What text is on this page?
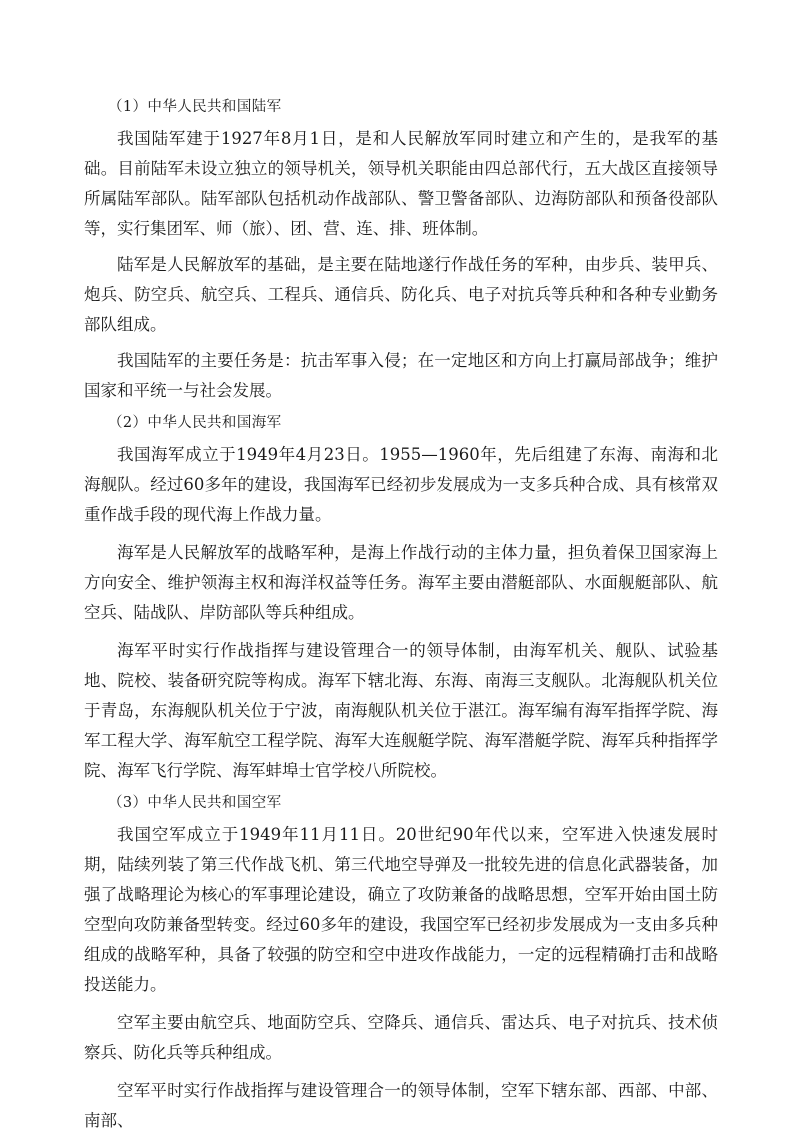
（1）中华人民共和国陆军

我国陆军建于1927年8月1日，是和人民解放军同时建立和产生的，是我军的基础。目前陆军未设立独立的领导机关，领导机关职能由四总部代行，五大战区直接领导所属陆军部队。陆军部队包括机动作战部队、警卫警备部队、边海防部队和预备役部队等，实行集团军、师（旅）、团、营、连、排、班体制。

陆军是人民解放军的基础，是主要在陆地遂行作战任务的军种，由步兵、装甲兵、炮兵、防空兵、航空兵、工程兵、通信兵、防化兵、电子对抗兵等兵种和各种专业勤务部队组成。

我国陆军的主要任务是：抗击军事入侵；在一定地区和方向上打赢局部战争；维护国家和平统一与社会发展。

（2）中华人民共和国海军

我国海军成立于1949年4月23日。1955—1960年，先后组建了东海、南海和北海舰队。经过60多年的建设，我国海军已经初步发展成为一支多兵种合成、具有核常双重作战手段的现代海上作战力量。

海军是人民解放军的战略军种，是海上作战行动的主体力量，担负着保卫国家海上方向安全、维护领海主权和海洋权益等任务。海军主要由潜艇部队、水面舰艇部队、航空兵、陆战队、岸防部队等兵种组成。

海军平时实行作战指挥与建设管理合一的领导体制，由海军机关、舰队、试验基地、院校、装备研究院等构成。海军下辖北海、东海、南海三支舰队。北海舰队机关位于青岛，东海舰队机关位于宁波，南海舰队机关位于湛江。海军编有海军指挥学院、海军工程大学、海军航空工程学院、海军大连舰艇学院、海军潜艇学院、海军兵种指挥学院、海军飞行学院、海军蚌埠士官学校八所院校。

（3）中华人民共和国空军

我国空军成立于1949年11月11日。20世纪90年代以来，空军进入快速发展时期，陆续列装了第三代作战飞机、第三代地空导弹及一批较先进的信息化武器装备，加强了战略理论为核心的军事理论建设，确立了攻防兼备的战略思想，空军开始由国土防空型向攻防兼备型转变。经过60多年的建设，我国空军已经初步发展成为一支由多兵种组成的战略军种，具备了较强的防空和空中进攻作战能力，一定的远程精确打击和战略投送能力。

空军主要由航空兵、地面防空兵、空降兵、通信兵、雷达兵、电子对抗兵、技术侦察兵、防化兵等兵种组成。

空军平时实行作战指挥与建设管理合一的领导体制，空军下辖东部、西部、中部、南部、
